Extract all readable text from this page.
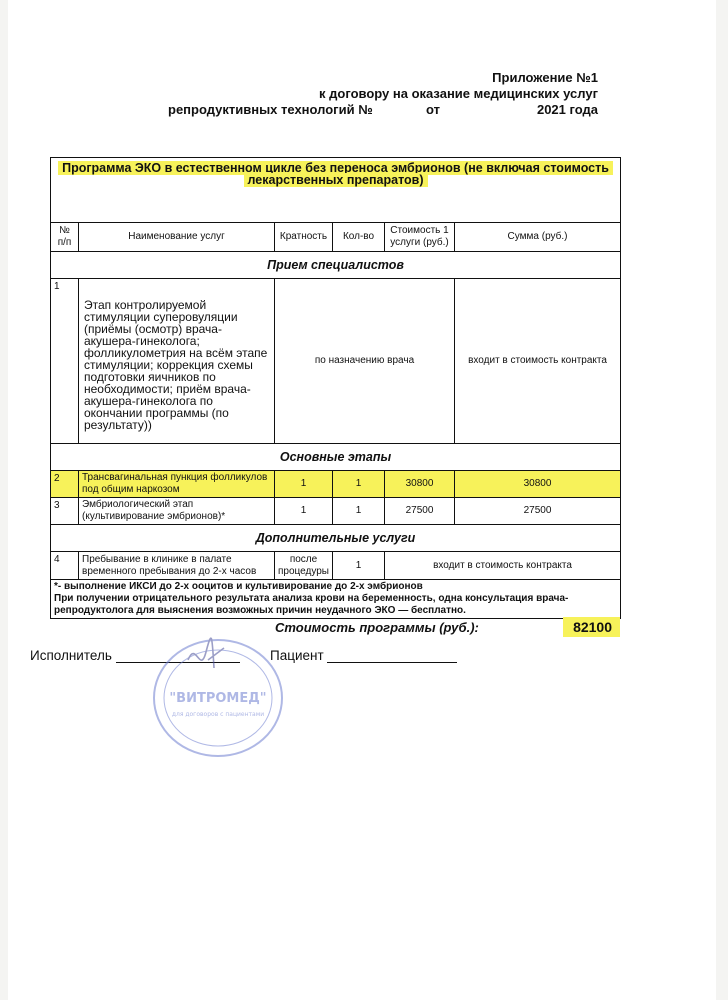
Приложение №1
к договору на оказание медицинских услуг
репродуктивных технологий №	от	2021 года
Программа ЭКО в естественном цикле без переноса эмбрионов (не включая стоимость лекарственных препаратов)					
№ п/п	Наименование услуг	Кратность	Кол-во	Стоимость 1 услуги (руб.)	Сумма (руб.)
Прием специалистов					
1	Этап контролируемой стимуляции суперовуляции (приёмы (осмотр) врача-акушера-гинеколога; фолликулометрия на всём этапе стимуляции; коррекция схемы подготовки яичников по необходимости; приём врача-акушера-гинеколога по окончании программы (по результату))	по назначению врача			входит в стоимость контракта
Основные этапы					
2	Трансвагинальная пункция фолликулов под общим наркозом	1	1	30800	30800
3	Эмбриологический этап (культивирование эмбрионов)*	1	1	27500	27500
Дополнительные услуги					
4	Пребывание в клинике в палате временного пребывания до 2-х часов	после процедуры	1	входит в стоимость контракта	

*- выполнение ИКСИ до 2-х ооцитов и культивирование до 2-х эмбрионов
При получении отрицательного результата анализа крови на беременность, одна консультация врача-репродуктолога для выяснения возможных причин неудачного ЭКО — бесплатно.					
Стоимость программы (руб.):	82100
Исполнитель	Пациент
"ВИТРОМЕД"
для договоров с пациентами
